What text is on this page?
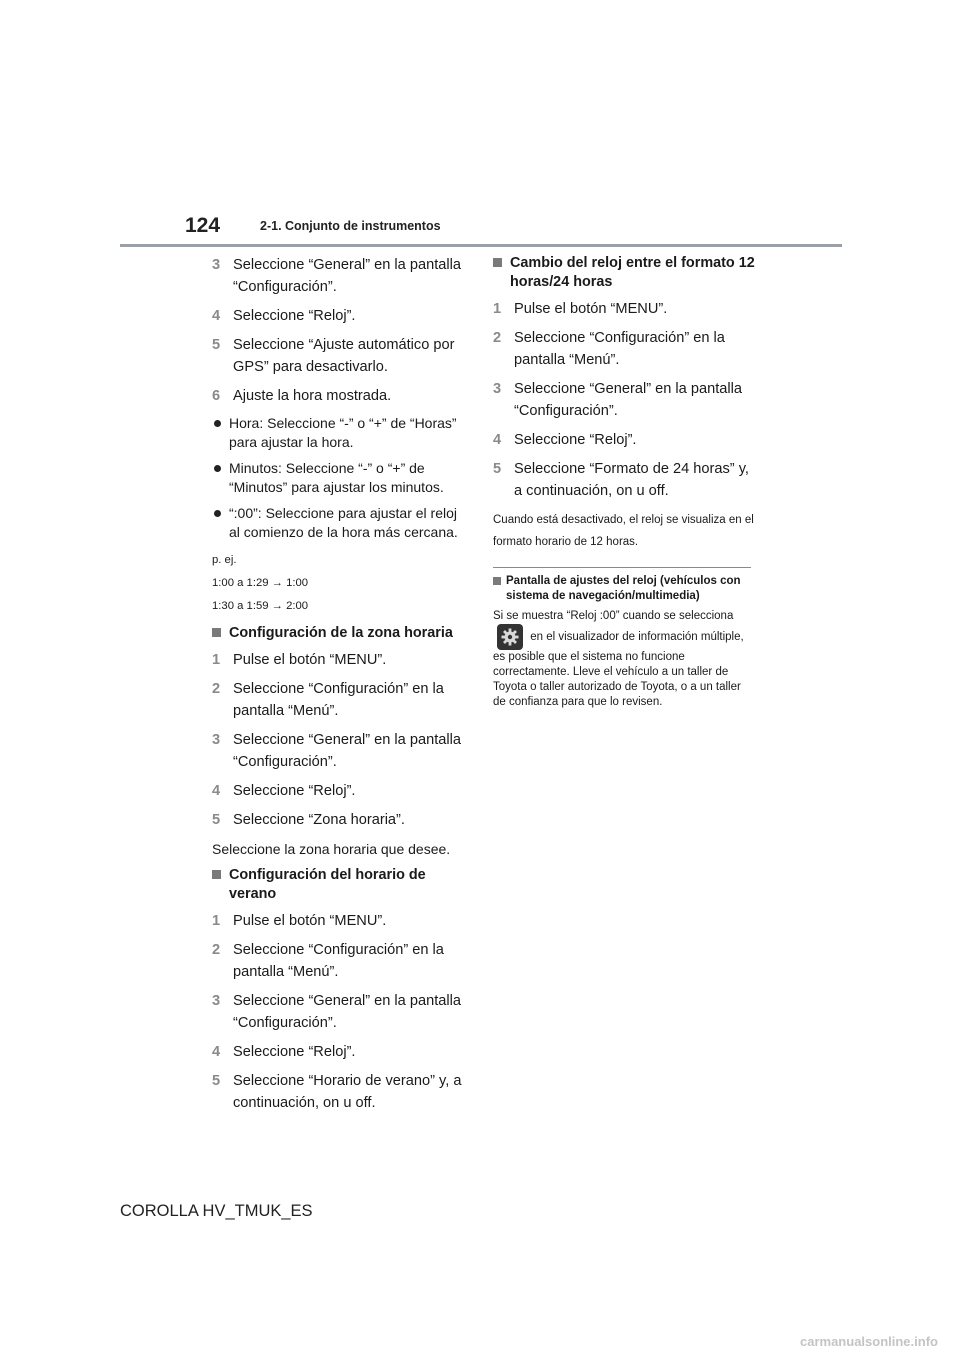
124	2-1. Conjunto de instrumentos
3 Seleccione “General” en la pantalla “Configuración”.
4 Seleccione “Reloj”.
5 Seleccione “Ajuste automático por GPS” para desactivarlo.
6 Ajuste la hora mostrada.
Hora: Seleccione “-” o “+” de “Horas” para ajustar la hora.
Minutos: Seleccione “-” o “+” de “Minutos” para ajustar los minutos.
“:00”: Seleccione para ajustar el reloj al comienzo de la hora más cercana.
p. ej.
1:00 a 1:29 → 1:00
1:30 a 1:59 → 2:00
Configuración de la zona horaria
1 Pulse el botón “MENU”.
2 Seleccione “Configuración” en la pantalla “Menú”.
3 Seleccione “General” en la pantalla “Configuración”.
4 Seleccione “Reloj”.
5 Seleccione “Zona horaria”.
Seleccione la zona horaria que desee.
Configuración del horario de verano
1 Pulse el botón “MENU”.
2 Seleccione “Configuración” en la pantalla “Menú”.
3 Seleccione “General” en la pantalla “Configuración”.
4 Seleccione “Reloj”.
5 Seleccione “Horario de verano” y, a continuación, on u off.
Cambio del reloj entre el formato 12 horas/24 horas
1 Pulse el botón “MENU”.
2 Seleccione “Configuración” en la pantalla “Menú”.
3 Seleccione “General” en la pantalla “Configuración”.
4 Seleccione “Reloj”.
5 Seleccione “Formato de 24 horas” y, a continuación, on u off.
Cuando está desactivado, el reloj se visualiza en el formato horario de 12 horas.
Pantalla de ajustes del reloj (vehículos con sistema de navegación/multimedia)
Si se muestra “Reloj :00” cuando se selecciona
en el visualizador de información múltiple, es posible que el sistema no funcione correctamente. Lleve el vehículo a un taller de Toyota o taller autorizado de Toyota, o a un taller de confianza para que lo revisen.
COROLLA HV_TMUK_ES
carmanualsonline.info
